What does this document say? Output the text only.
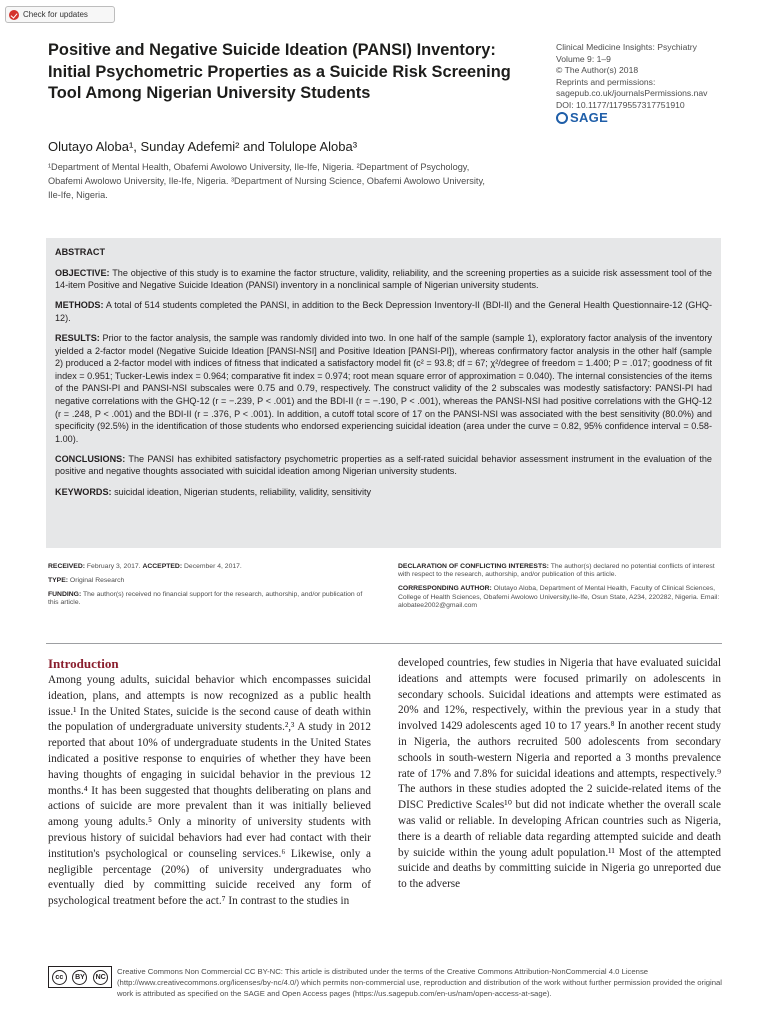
Check for updates
Positive and Negative Suicide Ideation (PANSI) Inventory: Initial Psychometric Properties as a Suicide Risk Screening Tool Among Nigerian University Students
Clinical Medicine Insights: Psychiatry
Volume 9: 1–9
© The Author(s) 2018
Reprints and permissions:
sagepub.co.uk/journalsPermissions.nav
DOI: 10.1177/1179557317751910
SAGE
Olutayo Aloba¹, Sunday Adefemi² and Tolulope Aloba³
¹Department of Mental Health, Obafemi Awolowo University, Ile-Ife, Nigeria. ²Department of Psychology, Obafemi Awolowo University, Ile-Ife, Nigeria. ³Department of Nursing Science, Obafemi Awolowo University, Ile-Ife, Nigeria.
ABSTRACT

OBJECTIVE: The objective of this study is to examine the factor structure, validity, reliability, and the screening properties as a suicide risk assessment tool of the 14-item Positive and Negative Suicide Ideation (PANSI) inventory in a nonclinical sample of Nigerian university students.

METHODS: A total of 514 students completed the PANSI, in addition to the Beck Depression Inventory-II (BDI-II) and the General Health Questionnaire-12 (GHQ-12).

RESULTS: Prior to the factor analysis, the sample was randomly divided into two. In one half of the sample (sample 1), exploratory factor analysis of the inventory yielded a 2-factor model (Negative Suicide Ideation [PANSI-NSI] and Positive Ideation [PANSI-PI]), whereas confirmatory factor analysis in the other half (sample 2) produced a 2-factor model with indices of fitness that indicated a satisfactory model fit (c² = 93.8; df = 67; χ²/degree of freedom = 1.400; P = .017; goodness of fit index = 0.951; Tucker-Lewis index = 0.964; comparative fit index = 0.974; root mean square error of approximation = 0.040). The internal consistencies of the items of the PANSI-PI and PANSI-NSI subscales were 0.75 and 0.79, respectively. The construct validity of the 2 subscales was modestly satisfactory: PANSI-PI had negative correlations with the GHQ-12 (r = −.239, P < .001) and the BDI-II (r = −.190, P < .001), whereas the PANSI-NSI had positive correlations with the GHQ-12 (r = .248, P < .001) and the BDI-II (r = .376, P < .001). In addition, a cutoff total score of 17 on the PANSI-NSI was associated with the best sensitivity (80.0%) and specificity (92.5%) in the identification of those students who endorsed experiencing suicidal ideation (area under the curve = 0.82, 95% confidence interval = 0.58-1.00).

CONCLUSIONS: The PANSI has exhibited satisfactory psychometric properties as a self-rated suicidal behavior assessment instrument in the evaluation of the positive and negative thoughts associated with suicidal ideation among Nigerian university students.

KEYWORDS: suicidal ideation, Nigerian students, reliability, validity, sensitivity

RECEIVED: February 3, 2017. ACCEPTED: December 4, 2017.

TYPE: Original Research

FUNDING: The author(s) received no financial support for the research, authorship, and/or publication of this article.

DECLARATION OF CONFLICTING INTERESTS: The author(s) declared no potential conflicts of interest with respect to the research, authorship, and/or publication of this article.

CORRESPONDING AUTHOR: Olutayo Aloba, Department of Mental Health, Faculty of Clinical Sciences, College of Health Sciences, Obafemi Awolowo University,Ile-Ife, Osun State, A234, 220282, Nigeria. Email: alobatee2002@gmail.com

Introduction
Among young adults, suicidal behavior which encompasses suicidal ideation, plans, and attempts is now recognized as a public health issue.¹ In the United States, suicide is the second cause of death within the population of undergraduate university students.²,³ A study in 2012 reported that about 10% of undergraduate students in the United States indicated a positive response to enquiries of whether they have been having thoughts of engaging in suicidal behavior in the previous 12 months.⁴ It has been suggested that thoughts deliberating on plans and actions of suicide are more prevalent than it was initially believed among young adults.⁵ Only a minority of university students with previous history of suicidal behaviors had ever had contact with their institution's psychological or counseling services.⁶ Likewise, only a negligible percentage (20%) of university undergraduates who eventually died by committing suicide received any form of psychological treatment before the act.⁷ In contrast to the studies in
developed countries, few studies in Nigeria that have evaluated suicidal ideations and attempts were focused primarily on adolescents in secondary schools. Suicidal ideations and attempts were estimated as 20% and 12%, respectively, within the previous year in a study that involved 1429 adolescents aged 10 to 17 years.⁸ In another recent study in Nigeria, the authors recruited 500 adolescents from secondary schools in south-western Nigeria and reported a 3 months prevalence rate of 17% and 7.8% for suicidal ideations and attempts, respectively.⁹ The authors in these studies adopted the 2 suicide-related items of the DISC Predictive Scales¹⁰ but did not indicate whether the overall scale was valid or reliable. In developing African countries such as Nigeria, there is a dearth of reliable data regarding attempted suicide and death by suicide within the young adult population.¹¹ Most of the attempted suicide and deaths by committing suicide in Nigeria go unreported due to the adverse
cc	BY	NC
Creative Commons Non Commercial CC BY-NC: This article is distributed under the terms of the Creative Commons Attribution-NonCommercial 4.0 License (http://www.creativecommons.org/licenses/by-nc/4.0/) which permits non-commercial use, reproduction and distribution of the work without further permission provided the original work is attributed as specified on the SAGE and Open Access pages (https://us.sagepub.com/en-us/nam/open-access-at-sage).
